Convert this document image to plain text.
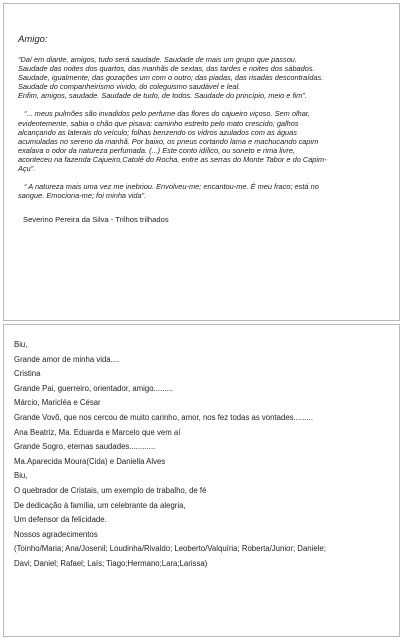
Amigo:

“Daí em diante, amigos, tudo será saudade. Saudade de mais um grupo que passou.

Saudade das noites dos quartos, das manhãs de sextas, das tardes e noites dos sábados.

Saudade, igualmente, das gozações um com o outro; das piadas, das risadas descontraídas.

Saudade do companheirismo vivido, do coleguismo saudável e leal.

Enfim, amigos, saudade. Saudade de tudo, de todos. Saudade do princípio, meio e fim”.

“... meus pulmões são invadidos pelo perfume das flores do cajueiro viçoso. Sem olhar,

evidentemente, sabia o chão que pisava: caminho estreito pelo mato crescido; galhos

alcançando as laterais do veículo; folhas benzendo os vidros azulados com as águas

acumuladas no sereno da manhã. Por baixo, os pneus cortando lama e machucando capim

exalava o odor da natureza perfumada. (...) Este conto idílico, ou soneto e rima livre,

aconteceu na fazenda Cajueiro,Catolé do Rocha, entre as serras do Monte Tabor e do Capim-

Açu”.

“ A natureza mais uma vez me inebriou. Envolveu-me; encantou-me. É meu fraco; está no

sangue. Emociona-me; foi minha vida”.

Severino Pereira da Silva - Trilhos trilhados
Biu,
Grande amor de minha vida....
Cristina
Grande Pai, guerreiro, orientador, amigo.........
Márcio, Maricléa e César
Grande Vovô, que nos cercou de muito carinho, amor, nos fez todas as vontades.........
Ana Beatriz, Ma. Eduarda e Marcelo que vem aí
Grande Sogro, eternas saudades............
Ma.Aparecida Moura(Cida) e Daniella Alves
Biu,
O quebrador de Cristais, um exemplo de trabalho, de fé
De dedicação à família, um celebrante da alegria,
Um defensor da felicidade.
Nossos agradecimentos
(Toinho/Maria; Ana/Josenil; Loudinha/Rivaldo; Leoberto/Valquíria; Roberta/Junior; Daniele;
Davi; Daniel; Rafael; Laís; Tiago;Hermano;Lara;Larissa)
